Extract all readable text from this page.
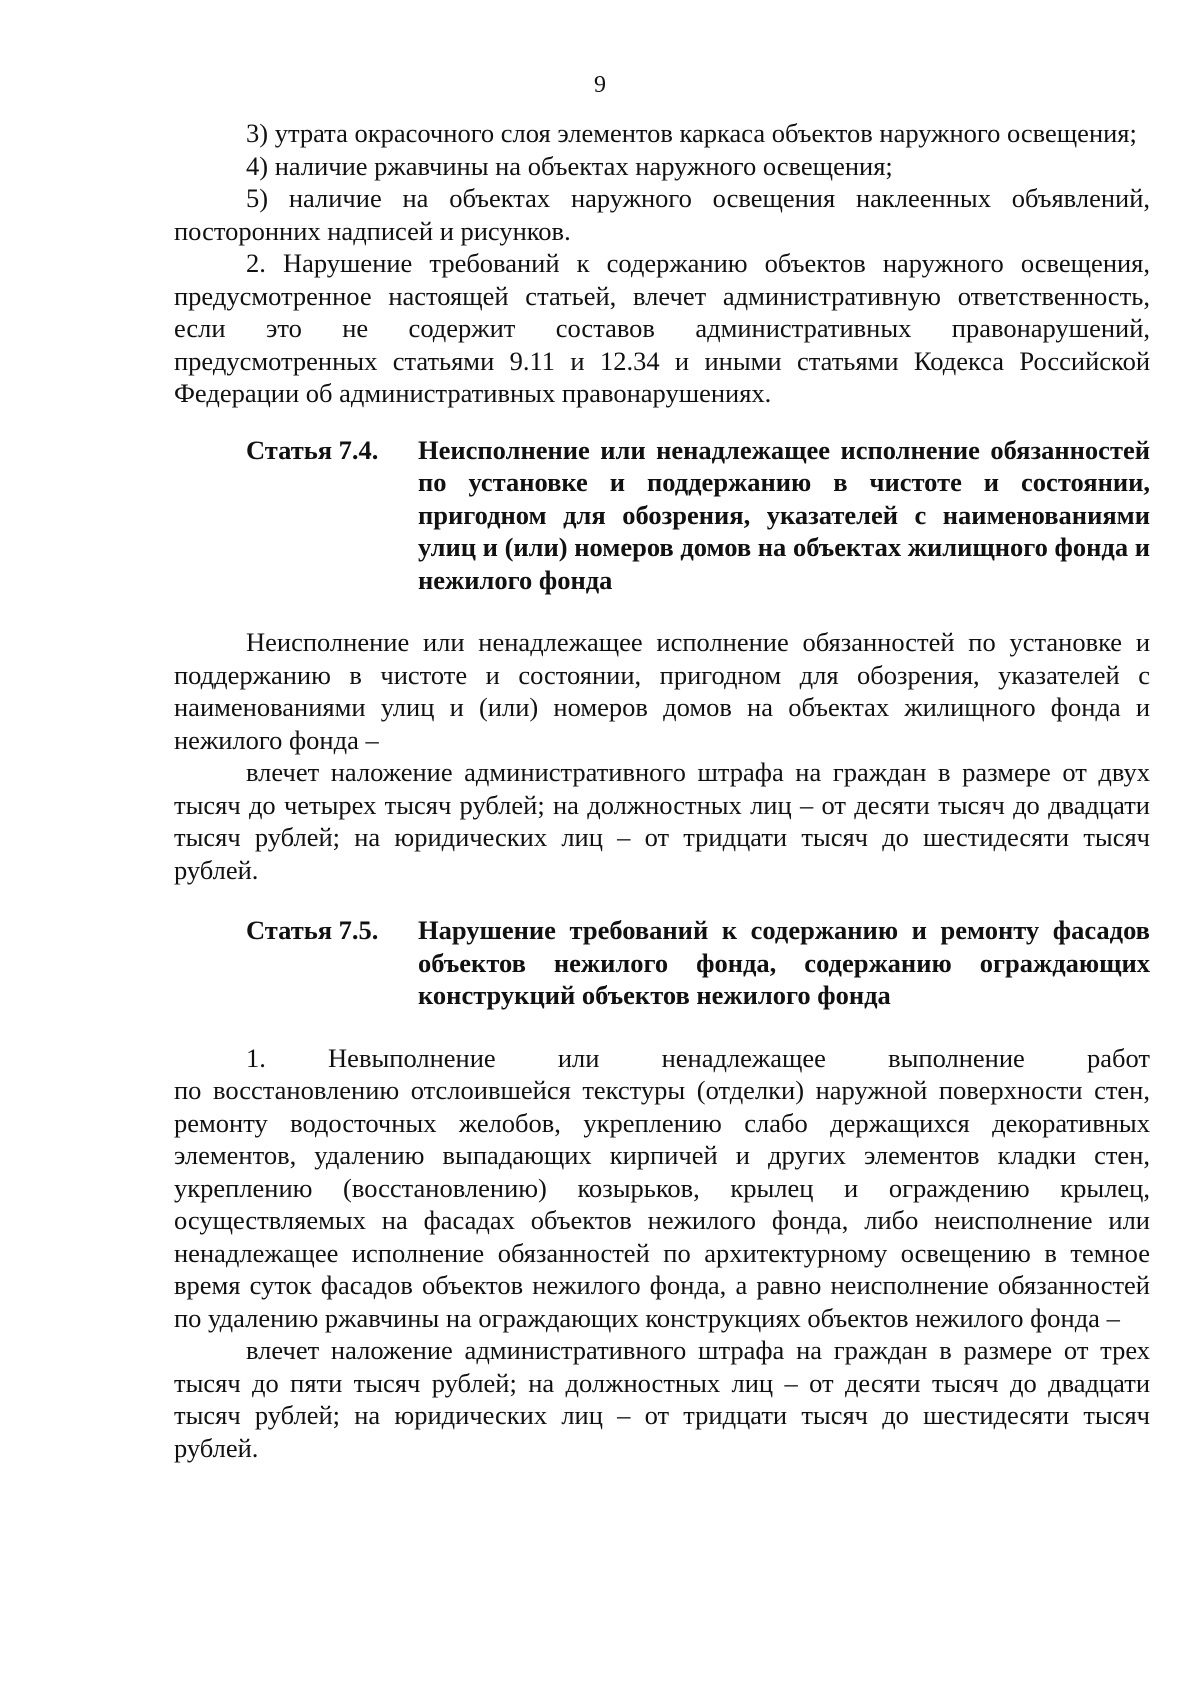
9

3) утрата окрасочного слоя элементов каркаса объектов наружного освещения;

4) наличие ржавчины на объектах наружного освещения;

5) наличие на объектах наружного освещения наклеенных объявлений, посторонних надписей и рисунков.

2. Нарушение требований к содержанию объектов наружного освещения, предусмотренное настоящей статьей, влечет административную ответственность, если это не содержит составов административных правонарушений, предусмотренных статьями 9.11 и 12.34 и иными статьями Кодекса Российской Федерации об административных правонарушениях.

Статья 7.4.	Неисполнение или ненадлежащее исполнение обязанностей по установке и поддержанию в чистоте и состоянии, пригодном для обозрения, указателей с наименованиями улиц и (или) номеров домов на объектах жилищного фонда и нежилого фонда

Неисполнение или ненадлежащее исполнение обязанностей по установке и поддержанию в чистоте и состоянии, пригодном для обозрения, указателей с наименованиями улиц и (или) номеров домов на объектах жилищного фонда и нежилого фонда –

влечет наложение административного штрафа на граждан в размере от двух тысяч до четырех тысяч рублей; на должностных лиц – от десяти тысяч до двадцати тысяч рублей; на юридических лиц – от тридцати тысяч до шестидесяти тысяч рублей.

Статья 7.5.	Нарушение требований к содержанию и ремонту фасадов объектов нежилого фонда, содержанию ограждающих конструкций объектов нежилого фонда
1. Невыполнение или ненадлежащее выполнение работ

по восстановлению отслоившейся текстуры (отделки) наружной поверхности стен, ремонту водосточных желобов, укреплению слабо держащихся декоративных элементов, удалению выпадающих кирпичей и других элементов кладки стен, укреплению (восстановлению) козырьков, крылец и ограждению крылец, осуществляемых на фасадах объектов нежилого фонда, либо неисполнение или ненадлежащее исполнение обязанностей по архитектурному освещению в темное время суток фасадов объектов нежилого фонда, а равно неисполнение обязанностей по удалению ржавчины на ограждающих конструкциях объектов нежилого фонда –

влечет наложение административного штрафа на граждан в размере от трех тысяч до пяти тысяч рублей; на должностных лиц – от десяти тысяч до двадцати тысяч рублей; на юридических лиц – от тридцати тысяч до шестидесяти тысяч рублей.
